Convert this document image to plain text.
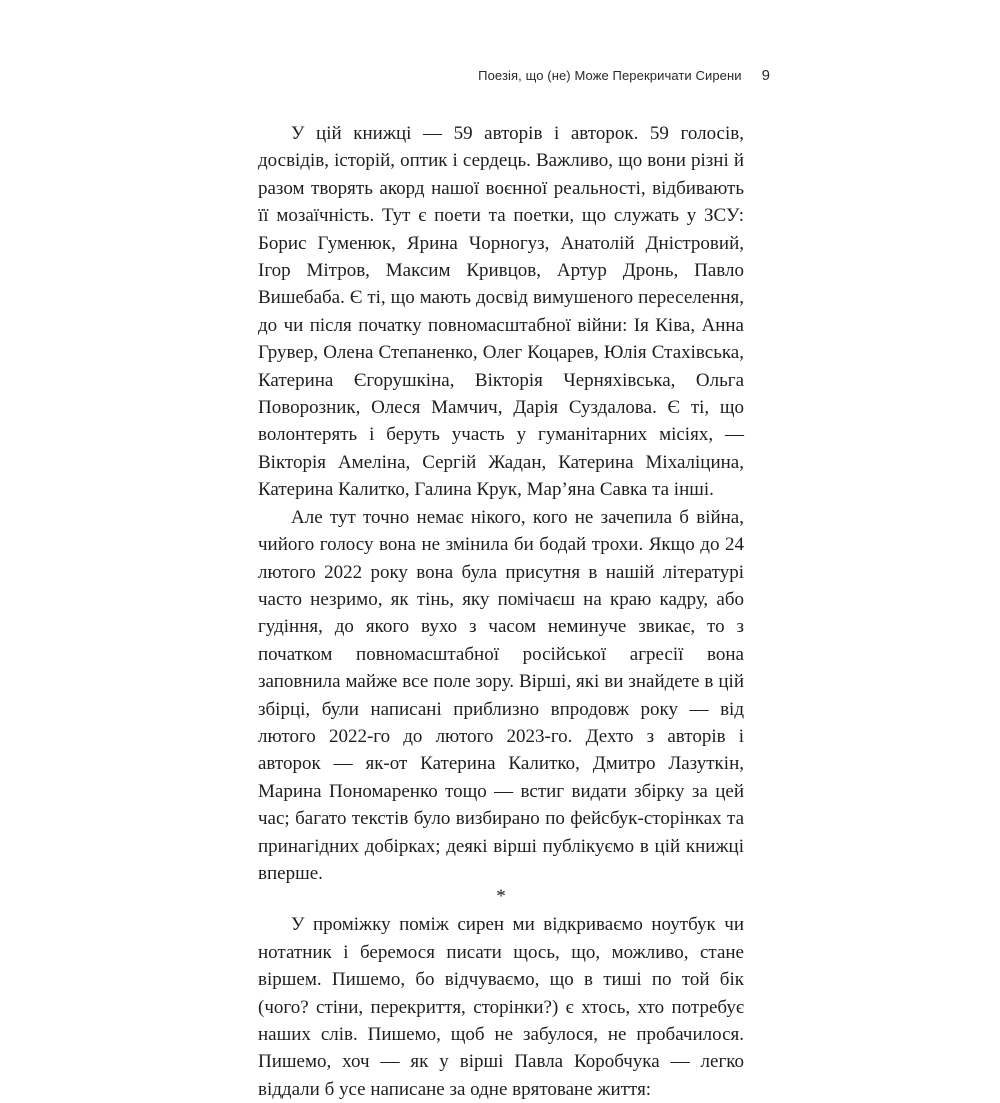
Поезія, що (не) Може Перекричати Сирени 9

У цій книжці — 59 авторів і авторок. 59 голосів, досвідів, історій, оптик і сердець. Важливо, що вони різні й разом творять акорд нашої воєнної реальності, відбивають її мозаїчність. Тут є поети та поетки, що служать у ЗСУ: Борис Гуменюк, Ярина Чорногуз, Анатолій Дністровий, Ігор Мітров, Максим Кривцов, Артур Дронь, Павло Вишебаба. Є ті, що мають досвід вимушеного переселення, до чи після початку повномасштабної війни: Ія Ківа, Анна Грувер, Олена Степаненко, Олег Коцарев, Юлія Стахівська, Катерина Єгорушкіна, Вікторія Черняхівська, Ольга Поворозник, Олеся Мамчич, Дарія Суздалова. Є ті, що волонтерять і беруть участь у гуманітарних місіях, — Вікторія Амеліна, Сергій Жадан, Катерина Міхаліцина, Катерина Калитко, Галина Крук, Мар’яна Савка та інші.

Але тут точно немає нікого, кого не зачепила б війна, чийого голосу вона не змінила би бодай трохи. Якщо до 24 лютого 2022 року вона була присутня в нашій літературі часто незримо, як тінь, яку помічаєш на краю кадру, або гудіння, до якого вухо з часом неминуче звикає, то з початком повномасштабної російської агресії вона заповнила майже все поле зору. Вірші, які ви знайдете в цій збірці, були написані приблизно впродовж року — від лютого 2022-го до лютого 2023-го. Дехто з авторів і авторок — як-от Катерина Калитко, Дмитро Лазуткін, Марина Пономаренко тощо — встиг видати збірку за цей час; багато текстів було визбирано по фейсбук-сторінках та принагідних добірках; деякі вірші публікуємо в цій книжці вперше.

*

У проміжку поміж сирен ми відкриваємо ноутбук чи нотатник і беремося писати щось, що, можливо, стане віршем. Пишемо, бо відчуваємо, що в тиші по той бік (чого? стіни, перекриття, сторінки?) є хтось, хто потребує наших слів. Пишемо, щоб не забулося, не пробачилося. Пишемо, хоч — як у вірші Павла Коробчука — легко віддали б усе написане за одне врятоване життя:
